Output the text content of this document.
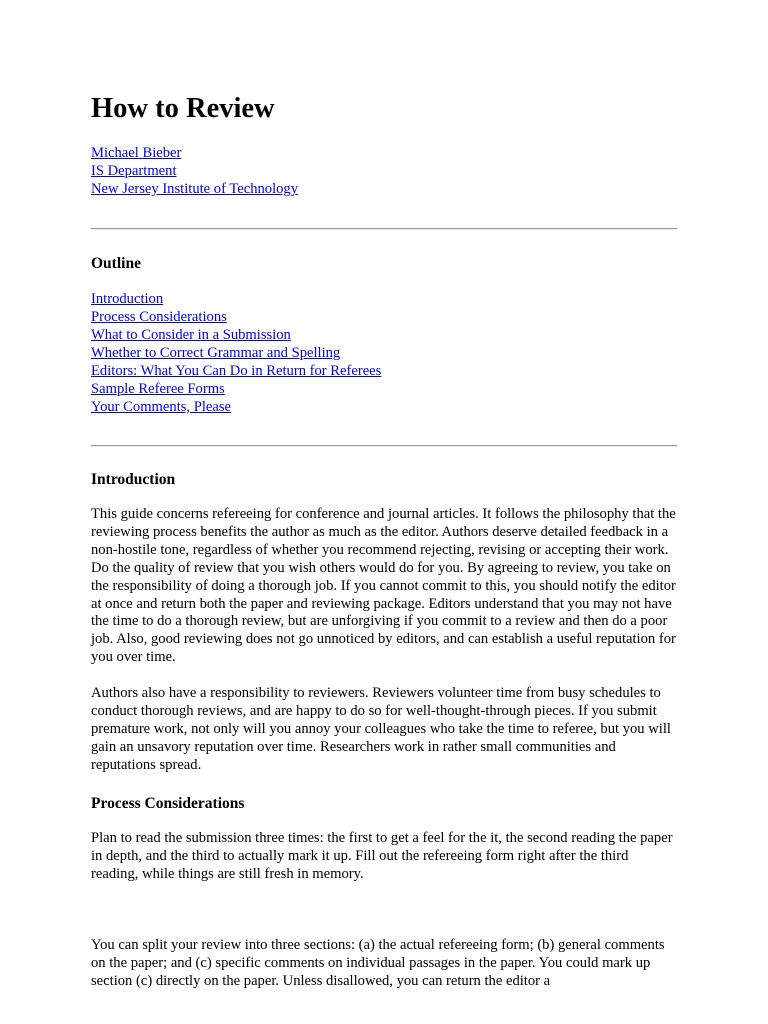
How to Review
Michael Bieber
IS Department
New Jersey Institute of Technology
Outline
Introduction
Process Considerations
What to Consider in a Submission
Whether to Correct Grammar and Spelling
Editors: What You Can Do in Return for Referees
Sample Referee Forms
Your Comments, Please
Introduction

This guide concerns refereeing for conference and journal articles. It follows the philosophy that the reviewing process benefits the author as much as the editor. Authors deserve detailed feedback in a non-hostile tone, regardless of whether you recommend rejecting, revising or accepting their work. Do the quality of review that you wish others would do for you. By agreeing to review, you take on the responsibility of doing a thorough job. If you cannot commit to this, you should notify the editor at once and return both the paper and reviewing package. Editors understand that you may not have the time to do a thorough review, but are unforgiving if you commit to a review and then do a poor job. Also, good reviewing does not go unnoticed by editors, and can establish a useful reputation for you over time.

Authors also have a responsibility to reviewers. Reviewers volunteer time from busy schedules to conduct thorough reviews, and are happy to do so for well-thought-through pieces. If you submit premature work, not only will you annoy your colleagues who take the time to referee, but you will gain an unsavory reputation over time. Researchers work in rather small communities and reputations spread.

Process Considerations

Plan to read the submission three times: the first to get a feel for the it, the second reading the paper in depth, and the third to actually mark it up. Fill out the refereeing form right after the third reading, while things are still fresh in memory.

You can split your review into three sections: (a) the actual refereeing form; (b) general comments on the paper; and (c) specific comments on individual passages in the paper. You could mark up section (c) directly on the paper. Unless disallowed, you can return the editor a
